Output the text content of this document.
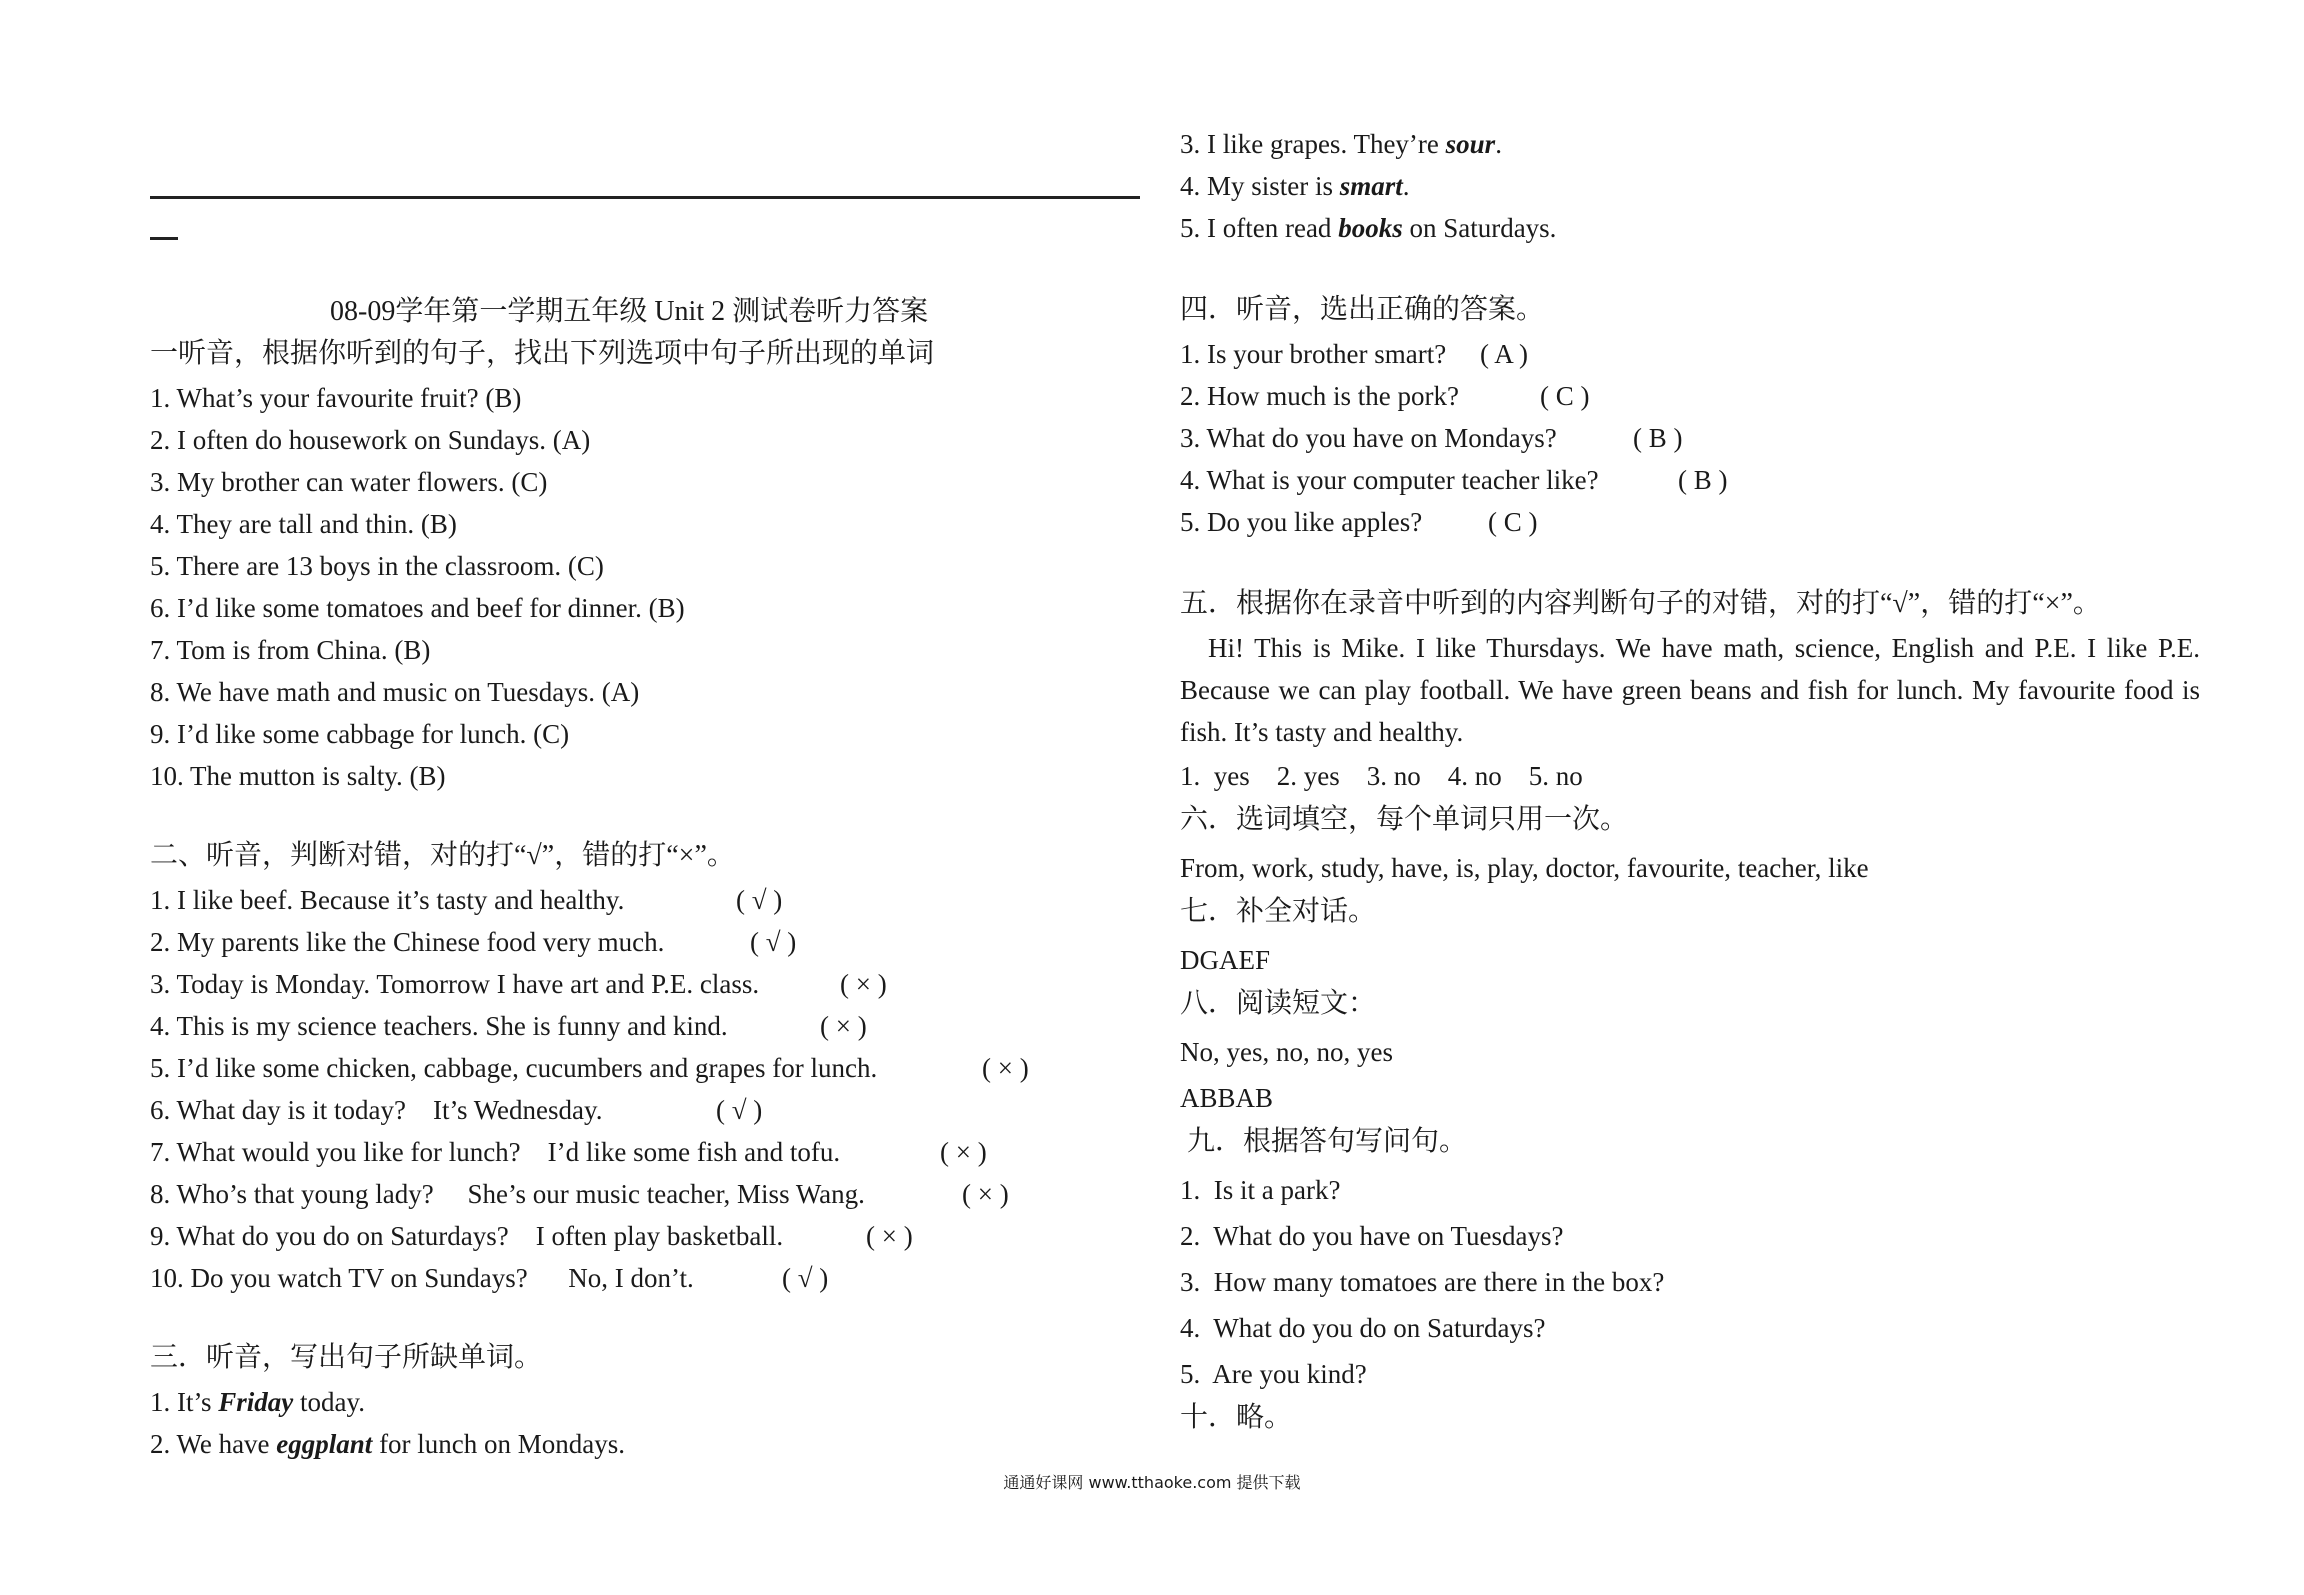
08-09学年第一学期五年级 Unit 2 测试卷听力答案
一听音，根据你听到的句子，找出下列选项中句子所出现的单词
1. What’s your favourite fruit? (B)
2. I often do housework on Sundays. (A)
3. My brother can water flowers. (C)
4. They are tall and thin. (B)
5. There are 13 boys in the classroom. (C)
6. I’d like some tomatoes and beef for dinner. (B)
7. Tom is from China. (B)
8. We have math and music on Tuesdays. (A)
9. I’d like some cabbage for lunch. (C)
10. The mutton is salty. (B)
二、听音，判断对错，对的打“√”，错的打“×”。
1. I like beef. Because it’s tasty and healthy.	( √ )
2. My parents like the Chinese food very much.	( √ )
3. Today is Monday. Tomorrow I have art and P.E. class.	( × )
4. This is my science teachers. She is funny and kind.	( × )
5. I’d like some chicken, cabbage, cucumbers and grapes for lunch.	( × )
6. What day is it today?    It’s Wednesday.	( √ )
7. What would you like for lunch?    I’d like some fish and tofu.	( × )
8. Who’s that young lady?     She’s our music teacher, Miss Wang.	( × )
9. What do you do on Saturdays?    I often play basketball.	( × )
10. Do you watch TV on Sundays?      No, I don’t.	( √ )
三．听音，写出句子所缺单词。
1. It’s Friday today.
2. We have eggplant for lunch on Mondays.
3. I like grapes. They’re sour.
4. My sister is smart.
5. I often read books on Saturdays.
四．听音，选出正确的答案。
1. Is your brother smart? ( A )
2. How much is the pork?	( C )
3. What do you have on Mondays?	( B )
4. What is your computer teacher like?	( B )
5. Do you like apples? ( C )
五．根据你在录音中听到的内容判断句子的对错，对的打“√”，错的打“×”。
Hi! This is Mike. I like Thursdays. We have math, science, English and P.E. I like P.E. Because we can play football. We have green beans and fish for lunch. My favourite food is fish. It’s tasty and healthy.
1.  yes    2. yes    3. no    4. no    5. no
六．选词填空，每个单词只用一次。
From, work, study, have, is, play, doctor, favourite, teacher, like
七．补全对话。
DGAEF
八．阅读短文：
No, yes, no, no, yes
ABBAB
九．根据答句写问句。
1.  Is it a park?
2.  What do you have on Tuesdays?
3.  How many tomatoes are there in the box?
4.  What do you do on Saturdays?
5.  Are you kind?
十．略。
通通好课网 www.tthaoke.com 提供下载
